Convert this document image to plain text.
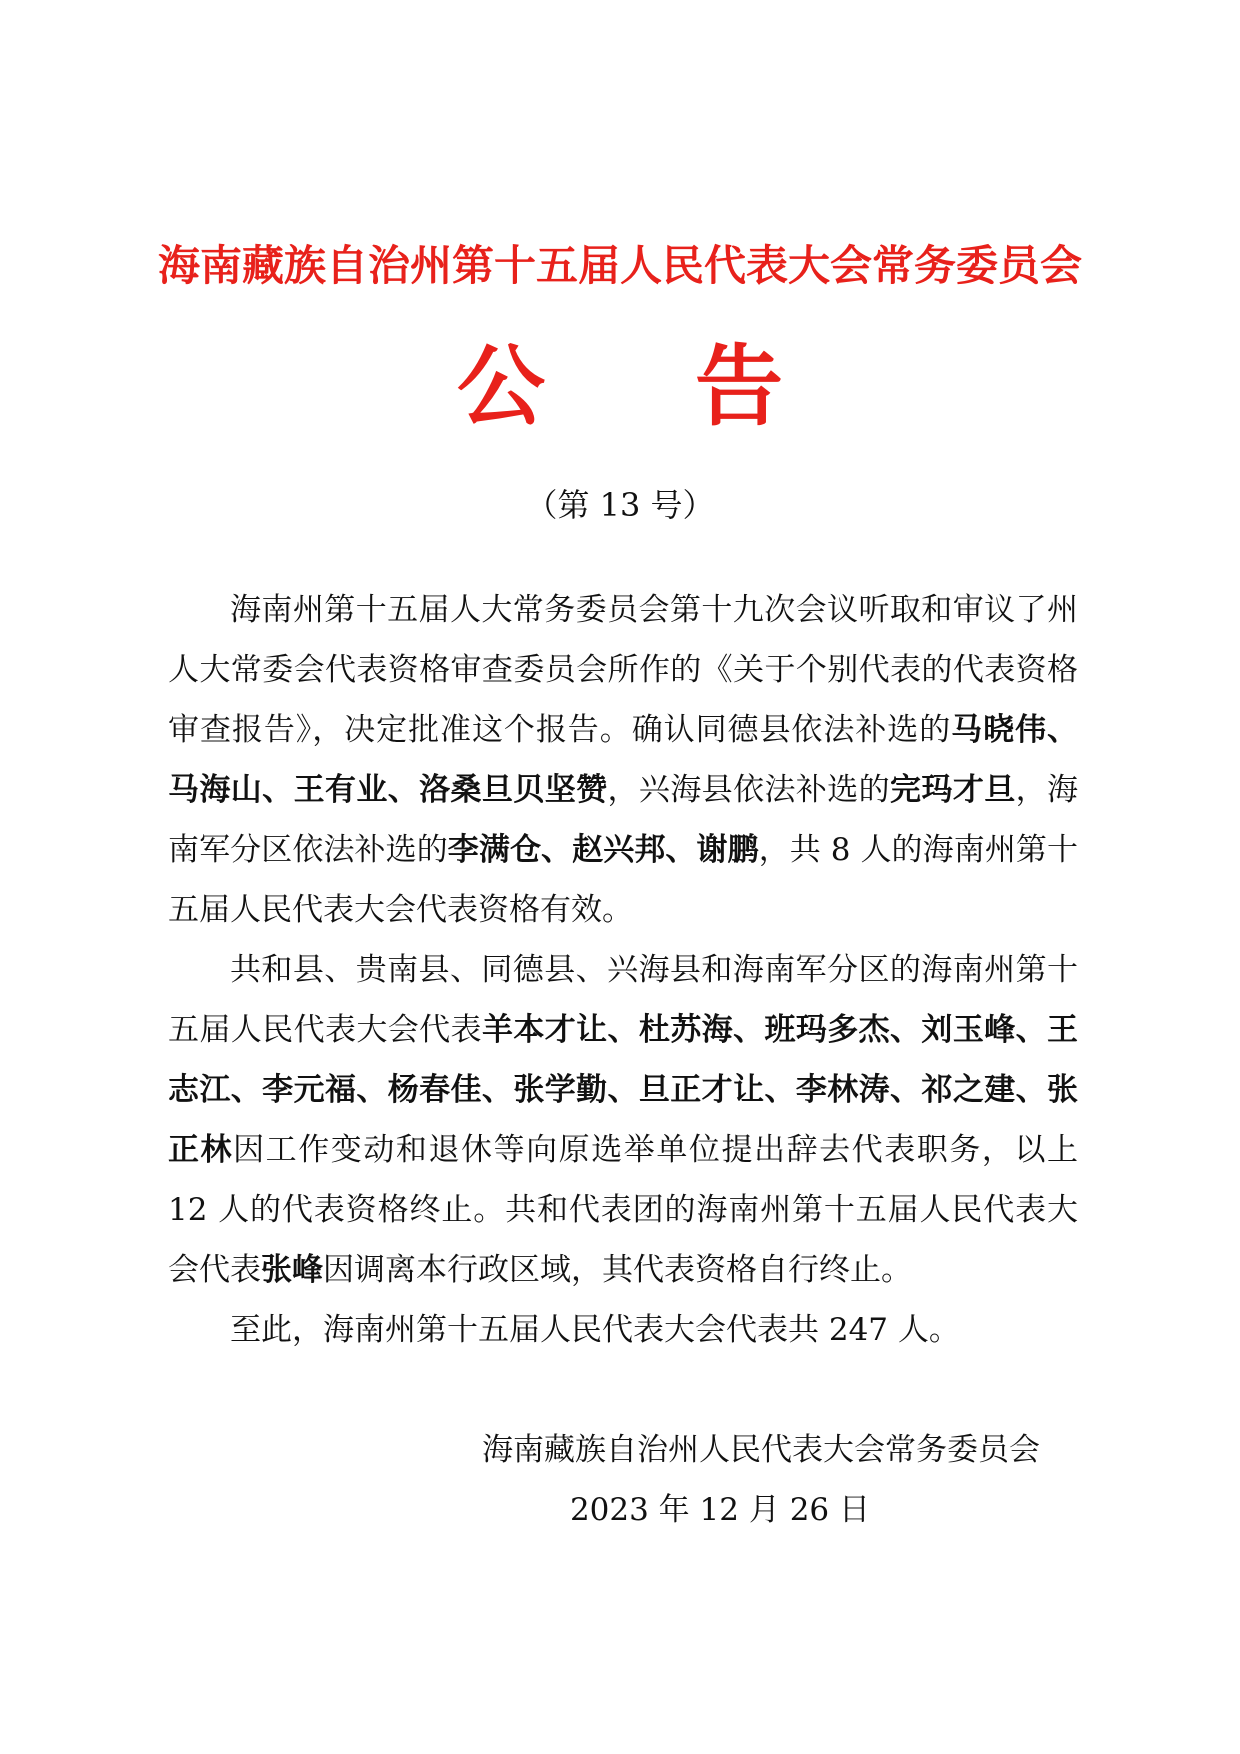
海南藏族自治州第十五届人民代表大会常务委员会
公 告
（第 13 号）

海南州第十五届人大常务委员会第十九次会议听取和审议了州人大常委会代表资格审查委员会所作的《关于个别代表的代表资格审查报告》，决定批准这个报告。确认同德县依法补选的马晓伟、马海山、王有业、洛桑旦贝坚赞，兴海县依法补选的完玛才旦，海南军分区依法补选的李满仓、赵兴邦、谢鹏，共 8 人的海南州第十五届人民代表大会代表资格有效。

共和县、贵南县、同德县、兴海县和海南军分区的海南州第十五届人民代表大会代表羊本才让、杜苏海、班玛多杰、刘玉峰、王志江、李元福、杨春佳、张学勤、旦正才让、李林涛、祁之建、张正林因工作变动和退休等向原选举单位提出辞去代表职务，以上 12 人的代表资格终止。共和代表团的海南州第十五届人民代表大会代表张峰因调离本行政区域，其代表资格自行终止。

至此，海南州第十五届人民代表大会代表共 247 人。

海南藏族自治州人民代表大会常务委员会
2023 年 12 月 26 日
